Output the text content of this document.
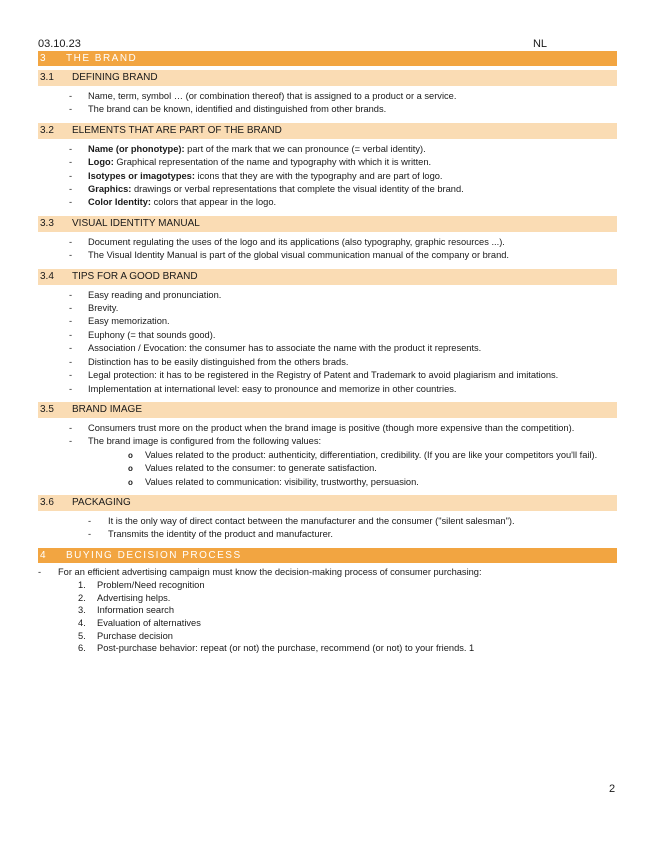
03.10.23	NL
3 THE BRAND
3.1 DEFINING BRAND
- Name, term, symbol … (or combination thereof) that is assigned to a product or a service.
- The brand can be known, identified and distinguished from other brands.
3.2 ELEMENTS THAT ARE PART OF THE BRAND
- Name (or phonotype): part of the mark that we can pronounce (= verbal identity).
- Logo: Graphical representation of the name and typography with which it is written.
- Isotypes or imagotypes: icons that they are with the typography and are part of logo.
- Graphics: drawings or verbal representations that complete the visual identity of the brand.
- Color Identity: colors that appear in the logo.
3.3 VISUAL IDENTITY MANUAL
- Document regulating the uses of the logo and its applications (also typography, graphic resources ...).
- The Visual Identity Manual is part of the global visual communication manual of the company or brand.
3.4 TIPS FOR A GOOD BRAND
- Easy reading and pronunciation.
- Brevity.
- Easy memorization.
- Euphony (= that sounds good).
- Association / Evocation: the consumer has to associate the name with the product it represents.
- Distinction has to be easily distinguished from the others brads.
- Legal protection: it has to be registered in the Registry of Patent and Trademark to avoid plagiarism and imitations.
- Implementation at international level: easy to pronounce and memorize in other countries.
3.5 BRAND IMAGE
- Consumers trust more on the product when the brand image is positive (though more expensive than the competition).
- The brand image is configured from the following values:
o Values related to the product: authenticity, differentiation, credibility. (If you are like your competitors you'll fail).
o Values related to the consumer: to generate satisfaction.
o Values related to communication: visibility, trustworthy, persuasion.
3.6 PACKAGING
- It is the only way of direct contact between the manufacturer and the consumer ("silent salesman").
- Transmits the identity of the product and manufacturer.
4 BUYING DECISION PROCESS
- For an efficient advertising campaign must know the decision-making process of consumer purchasing:
1. Problem/Need recognition
2. Advertising helps.
3. Information search
4. Evaluation of alternatives
5. Purchase decision
6. Post-purchase behavior: repeat (or not) the purchase, recommend (or not) to your friends. 1
2
